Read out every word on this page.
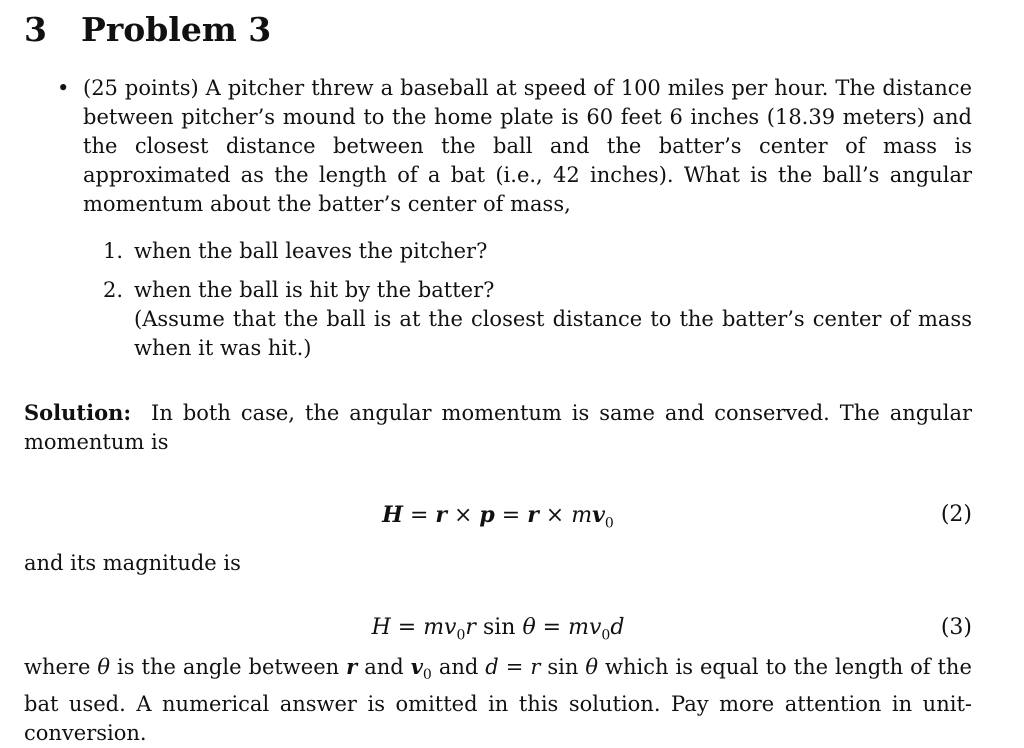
3 Problem 3
• (25 points) A pitcher threw a baseball at speed of 100 miles per hour. The distance between pitcher’s mound to the home plate is 60 feet 6 inches (18.39 meters) and the closest distance between the ball and the batter’s center of mass is approximated as the length of a bat (i.e., 42 inches). What is the ball’s angular momentum about the batter’s center of mass,

1. when the ball leaves the pitcher?
2. when the ball is hit by the batter?
(Assume that the ball is at the closest distance to the batter’s center of mass when it was hit.)

Solution: In both case, the angular momentum is same and conserved. The angular momentum is

$H = r \times p = r \times mv_0$	(2)

and its magnitude is

$H = mv_0r$ $\sin \theta = mv_0d$	(3)

where θ is the angle between r and $v_0$ and d = r sin θ which is equal to the length of the bat used. A numerical answer is omitted in this solution. Pay more attention in unit-conversion.
